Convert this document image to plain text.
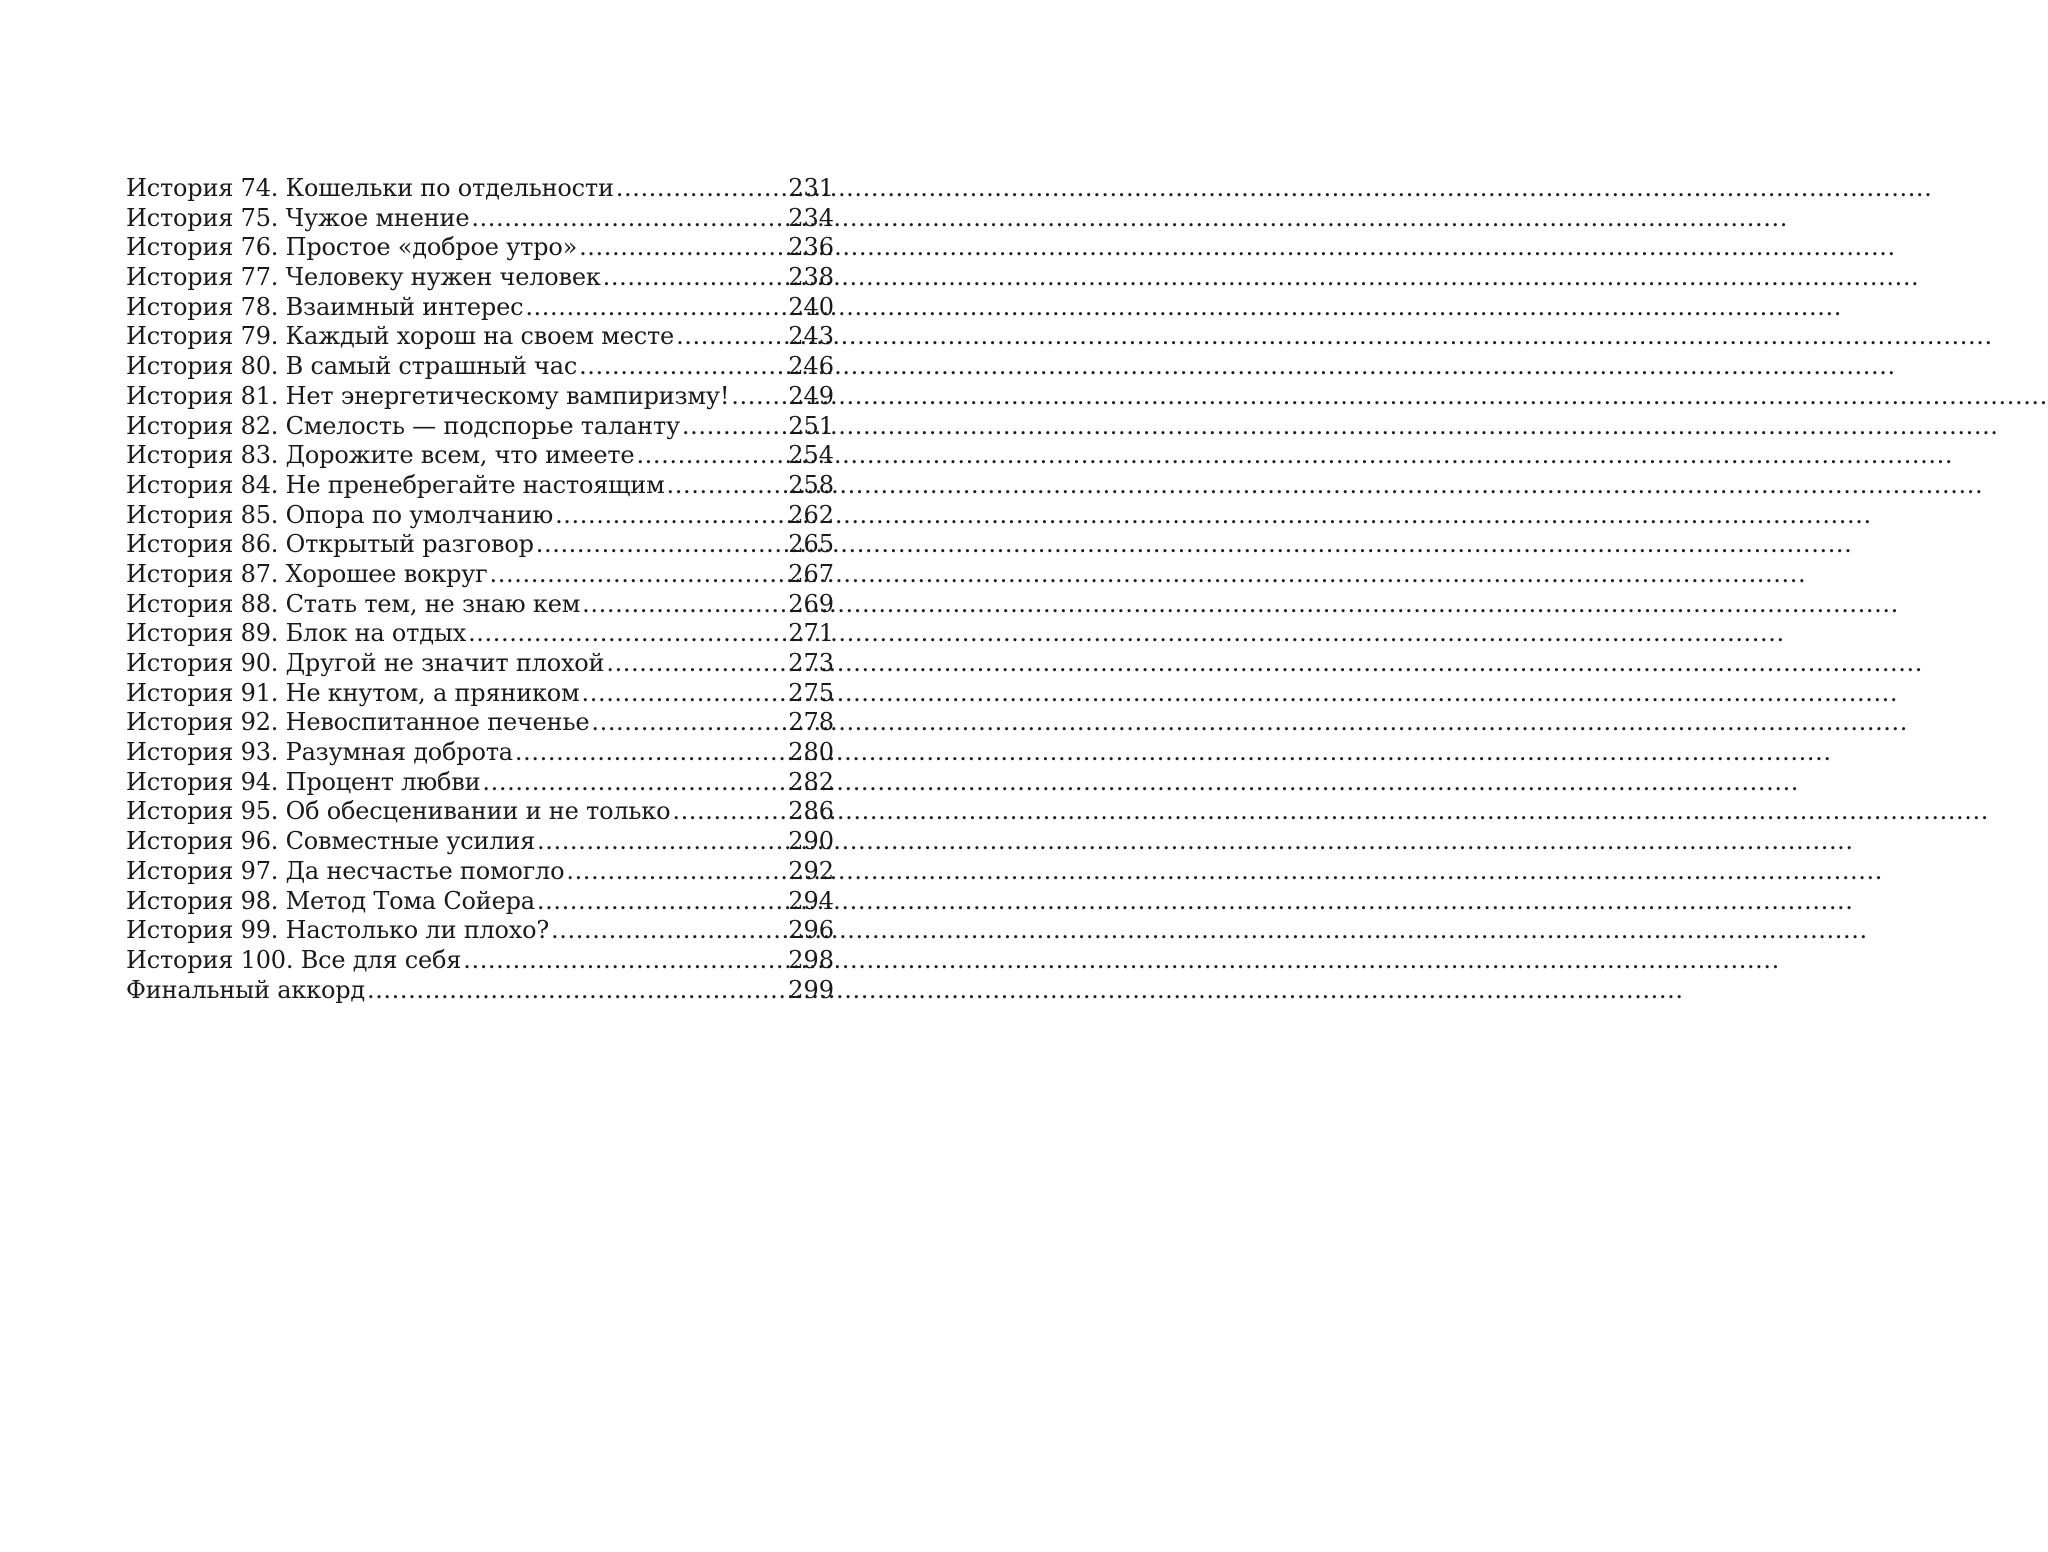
История 74. Кошельки по отдельности .....	231
История 75. Чужое мнение .....	234
История 76. Простое «доброе утро» .....	236
История 77. Человеку нужен человек .....	238
История 78. Взаимный интерес .....	240
История 79. Каждый хорош на своем месте .....	243
История 80. В самый страшный час .....	246
История 81. Нет энергетическому вампиризму! ..... 249
История 82. Смелость — подспорье таланту .....	251
История 83. Дорожите всем, что имеете .....	254
История 84. Не пренебрегайте настоящим .....	258
История 85. Опора по умолчанию .....	262
История 86. Открытый разговор .....	265
История 87. Хорошее вокруг .....	267
История 88. Стать тем, не знаю кем .....	269
История 89. Блок на отдых .....	271
История 90. Другой не значит плохой .....	273
История 91. Не кнутом, а пряником .....	275
История 92. Невоспитанное печенье .....	278
История 93. Разумная доброта .....	280
История 94. Процент любви .....	282
История 95. Об обесценивании и не только .....	286
История 96. Совместные усилия .....	290
История 97. Да несчастье помогло .....	292
История 98. Метод Тома Сойера .....	294
История 99. Настолько ли плохо? .....	296
История 100. Все для себя .....	298
Финальный аккорд .....	299
